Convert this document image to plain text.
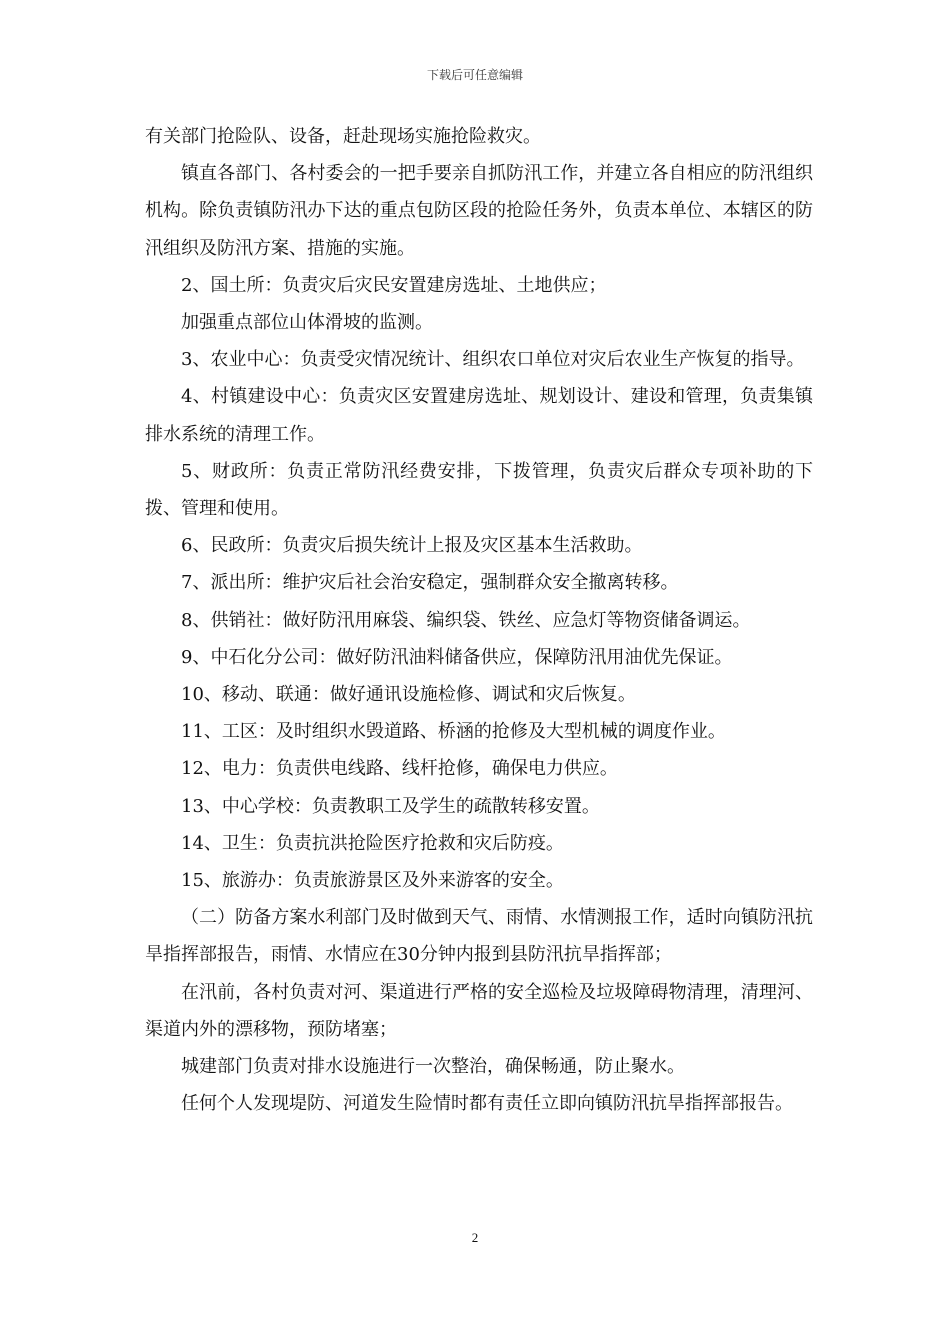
下载后可任意编辑

有关部门抢险队、设备，赶赴现场实施抢险救灾。

镇直各部门、各村委会的一把手要亲自抓防汛工作，并建立各自相应的防汛组织机构。除负责镇防汛办下达的重点包防区段的抢险任务外，负责本单位、本辖区的防汛组织及防汛方案、措施的实施。

2、国土所：负责灾后灾民安置建房选址、土地供应；

加强重点部位山体滑坡的监测。

3、农业中心：负责受灾情况统计、组织农口单位对灾后农业生产恢复的指导。

4、村镇建设中心：负责灾区安置建房选址、规划设计、建设和管理，负责集镇排水系统的清理工作。

5、财政所：负责正常防汛经费安排，下拨管理，负责灾后群众专项补助的下拨、管理和使用。

6、民政所：负责灾后损失统计上报及灾区基本生活救助。

7、派出所：维护灾后社会治安稳定，强制群众安全撤离转移。

8、供销社：做好防汛用麻袋、编织袋、铁丝、应急灯等物资储备调运。

9、中石化分公司：做好防汛油料储备供应，保障防汛用油优先保证。

10、移动、联通：做好通讯设施检修、调试和灾后恢复。

11、工区：及时组织水毁道路、桥涵的抢修及大型机械的调度作业。

12、电力：负责供电线路、线杆抢修，确保电力供应。

13、中心学校：负责教职工及学生的疏散转移安置。

14、卫生：负责抗洪抢险医疗抢救和灾后防疫。

15、旅游办：负责旅游景区及外来游客的安全。

（二）防备方案水利部门及时做到天气、雨情、水情测报工作，适时向镇防汛抗旱指挥部报告，雨情、水情应在30分钟内报到县防汛抗旱指挥部；

在汛前，各村负责对河、渠道进行严格的安全巡检及垃圾障碍物清理，清理河、渠道内外的漂移物，预防堵塞；

城建部门负责对排水设施进行一次整治，确保畅通，防止聚水。

任何个人发现堤防、河道发生险情时都有责任立即向镇防汛抗旱指挥部报告。

2
